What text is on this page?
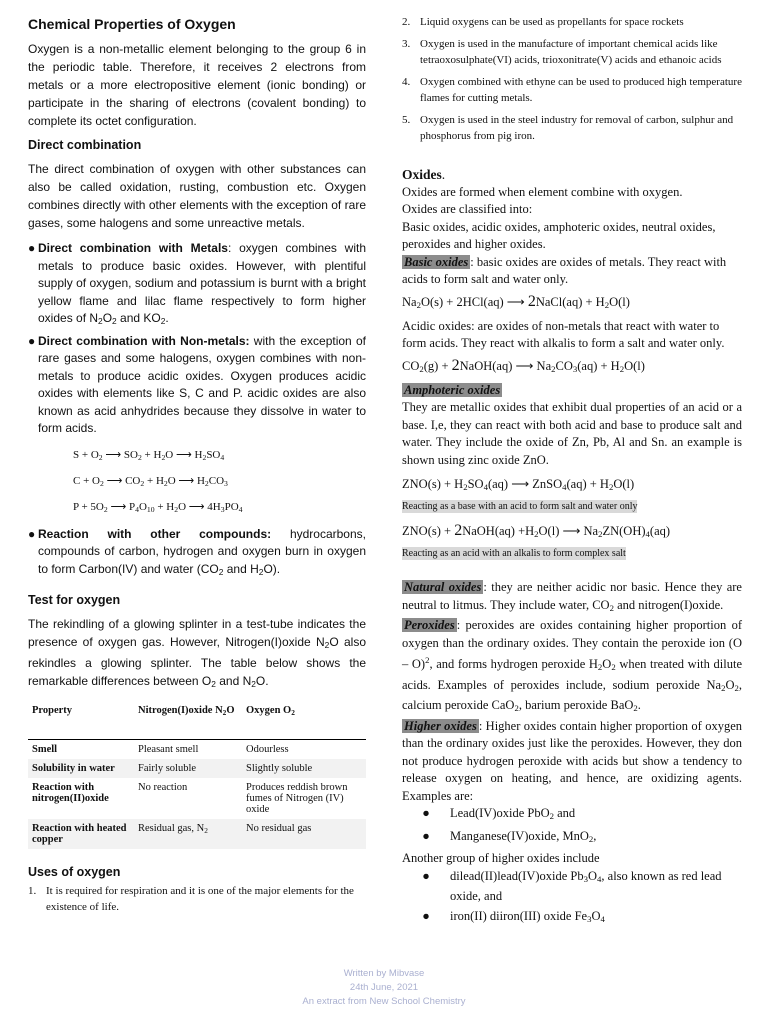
Chemical Properties of Oxygen

Oxygen is a non-metallic element belonging to the group 6 in the periodic table. Therefore, it receives 2 electrons from metals or a more electropositive element (ionic bonding) or participate in the sharing of electrons (covalent bonding) to complete its octet configuration.

Direct combination

The direct combination of oxygen with other substances can also be called oxidation, rusting, combustion etc. Oxygen combines directly with other elements with the exception of rare gases, some halogens and some unreactive metals.

● Direct combination with Metals: oxygen combines with metals to produce basic oxides. However, with plentiful supply of oxygen, sodium and potassium is burnt with a bright yellow flame and lilac flame respectively to form higher oxides of $N_2O_2$ and $KO_2$.
● Direct combination with Non-metals: with the exception of rare gases and some halogens, oxygen combines with non-metals to produce acidic oxides. Oxygen produces acidic oxides with elements like S, C and P. acidic oxides are also known as acid anhydrides because they dissolve in water to form acids.
$S + O_2$ ⟶ $SO_2 + H_2O$ ⟶ $H_2SO_4$
$C + O_2$ ⟶ $CO_2 + H_2O$ ⟶ $H_2CO_3$
$P + 5O_2$ ⟶ $P_4O_{10} + H_2O$ ⟶ $4H_3PO_4$
● Reaction with other compounds: hydrocarbons, compounds of carbon, hydrogen and oxygen burn in oxygen to form Carbon(IV) and water ($CO_2$ and $H_2O$).
Test for oxygen

The rekindling of a glowing splinter in a test-tube indicates the presence of oxygen gas. However, Nitrogen(I)oxide $N_2O$ also rekindles a glowing splinter. The table below shows the remarkable differences between $O_2$ and $N_2O$.

Property	Nitrogen(I)oxide $N_2O$	Oxygen $O_2$
Smell	Pleasant smell	Odourless
Solubility in water	Fairly soluble	Slightly soluble
Reaction with nitrogen(II)oxide	No reaction	Produces reddish brown fumes of Nitrogen (IV) oxide
Reaction with heated copper	Residual gas, $N_2$	No residual gas
Uses of oxygen
1. It is required for respiration and it is one of the major elements for the existence of life.
2. Liquid oxygens can be used as propellants for space rockets
3. Oxygen is used in the manufacture of important chemical acids like tetraoxosulphate(VI) acids, trioxonitrate(V) acids and ethanoic acids
4. Oxygen combined with ethyne can be used to produced high temperature flames for cutting metals.
5. Oxygen is used in the steel industry for removal of carbon, sulphur and phosphorus from pig iron.
Oxides.
Oxides are formed when element combine with oxygen.
Oxides are classified into:
Basic oxides, acidic oxides, amphoteric oxides, neutral oxides, peroxides and higher oxides.
Basic oxides : basic oxides are oxides of metals. They react with acids to form salt and water only.
$Na_2O(s) + 2HCl(aq)$ ⟶ 2NaCl(aq) + $H_2O(l)$
Acidic oxides: are oxides of non-metals that react with water to form acids. They react with alkalis to form a salt and water only.
$CO_2(g)$ + 2NaOH(aq) ⟶ $Na_2CO_3(aq) + H_2O(l)$
Amphoteric oxides
They are metallic oxides that exhibit dual properties of an acid or a base. I,e, they can react with both acid and base to produce salt and water. They include the oxide of Zn, Pb, Al and Sn. an example is shown using zinc oxide ZnO.
$ZNO(s) + H_2SO_4(aq)$ ⟶ ZnSO$_4$(aq) + $H_2O(l)$
Reacting as a base with an acid to form salt and water only
ZNO(s) + 2NaOH(aq) $+H_2O(l)$ ⟶ $Na_2ZN(OH)_4(aq)$
Reacting as an acid with an alkalis to form complex salt
Natural oxides : they are neither acidic nor basic. Hence they are neutral to litmus. They include water, $CO_2$ and nitrogen(I)oxide.
Peroxides : peroxides are oxides containing higher proportion of oxygen than the ordinary oxides. They contain the peroxide ion (O – O)$^2$, and forms hydrogen peroxide $H_2O_2$ when treated with dilute acids. Examples of peroxides include, sodium peroxide $Na_2O_2$, calcium peroxide CaO$_2$, barium peroxide BaO$_2$.
Higher oxides : Higher oxides contain higher proportion of oxygen than the ordinary oxides just like the peroxides. However, they don not produce hydrogen peroxide with acids but show a tendency to release oxygen on heating, and hence, are oxidizing agents. Examples are:
●	Lead(IV)oxide PbO$_2$ and
●	Manganese(IV)oxide, MnO$_2$,
Another group of higher oxides include
●	dilead(II)lead(IV)oxide $Pb_3O_4$, also known as red lead oxide, and
●	iron(II) diiron(III) oxide $Fe_3O_4$
Written by Mibvase
24th June, 2021
An extract from New School Chemistry
